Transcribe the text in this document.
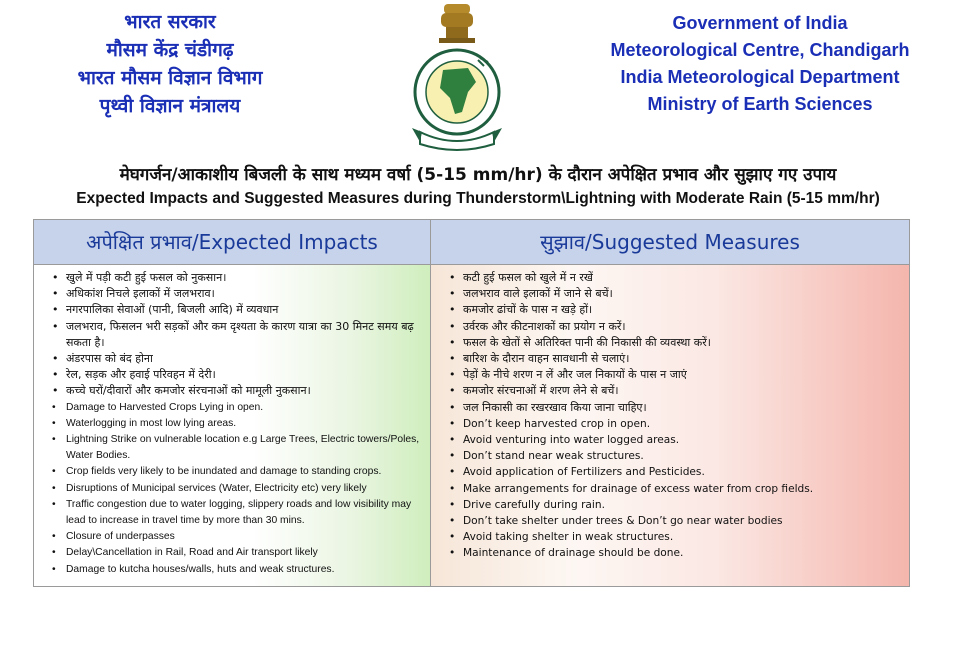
भारत सरकार
मौसम केंद्र चंडीगढ़
भारत मौसम विज्ञान विभाग
पृथ्वी विज्ञान मंत्रालय
Government of India
Meteorological Centre, Chandigarh
India Meteorological Department
Ministry of Earth Sciences
मेघगर्जन/आकाशीय बिजली के साथ मध्यम वर्षा (5-15 mm/hr) के दौरान अपेक्षित प्रभाव और सुझाए गए उपाय
Expected Impacts and Suggested Measures during Thunderstorm\Lightning with Moderate Rain (5-15 mm/hr)
अपेक्षित प्रभाव/Expected Impacts	सुझाव/Suggested Measures
• खुले में पड़ी कटी हुई फसल को नुकसान।
• अधिकांश निचले इलाकों में जलभराव।
• नगरपालिका सेवाओं (पानी, बिजली आदि) में व्यवधान
• जलभराव, फिसलन भरी सड़कों और कम दृश्यता के कारण यात्रा का 30 मिनट समय बढ़ सकता है।
• अंडरपास को बंद होना
• रेल, सड़क और हवाई परिवहन में देरी।
• कच्चे घरों/दीवारों और कमजोर संरचनाओं को मामूली नुकसान।
• Damage to Harvested Crops Lying in open.
• Waterlogging in most low lying areas.
• Lightning Strike on vulnerable location e.g Large Trees, Electric towers/Poles, Water Bodies.
• Crop fields very likely to be inundated and damage to standing crops.
• Disruptions of Municipal services (Water, Electricity etc) very likely
• Traffic congestion due to water logging, slippery roads and low visibility may lead to increase in travel time by more than 30 mins.
• Closure of underpasses
• Delay\Cancellation in Rail, Road and Air transport likely
• Damage to kutcha houses/walls, huts and weak structures.
• कटी हुई फसल को खुले में न रखें
• जलभराव वाले इलाकों में जाने से बचें।
• कमजोर ढांचों के पास न खड़े हों।
• उर्वरक और कीटनाशकों का प्रयोग न करें।
• फसल के खेतों से अतिरिक्त पानी की निकासी की व्यवस्था करें।
• बारिश के दौरान वाहन सावधानी से चलाएं।
• पेड़ों के नीचे शरण न लें और जल निकायों के पास न जाएं
• कमजोर संरचनाओं में शरण लेने से बचें।
• जल निकासी का रखरखाव किया जाना चाहिए।
• Don’t keep harvested crop in open.
• Avoid venturing into water logged areas.
• Don’t stand near weak structures.
• Avoid application of Fertilizers and Pesticides.
• Make arrangements for drainage of excess water from crop fields.
• Drive carefully during rain.
• Don’t take shelter under trees & Don’t go near water bodies
• Avoid taking shelter in weak structures.
• Maintenance of drainage should be done.
